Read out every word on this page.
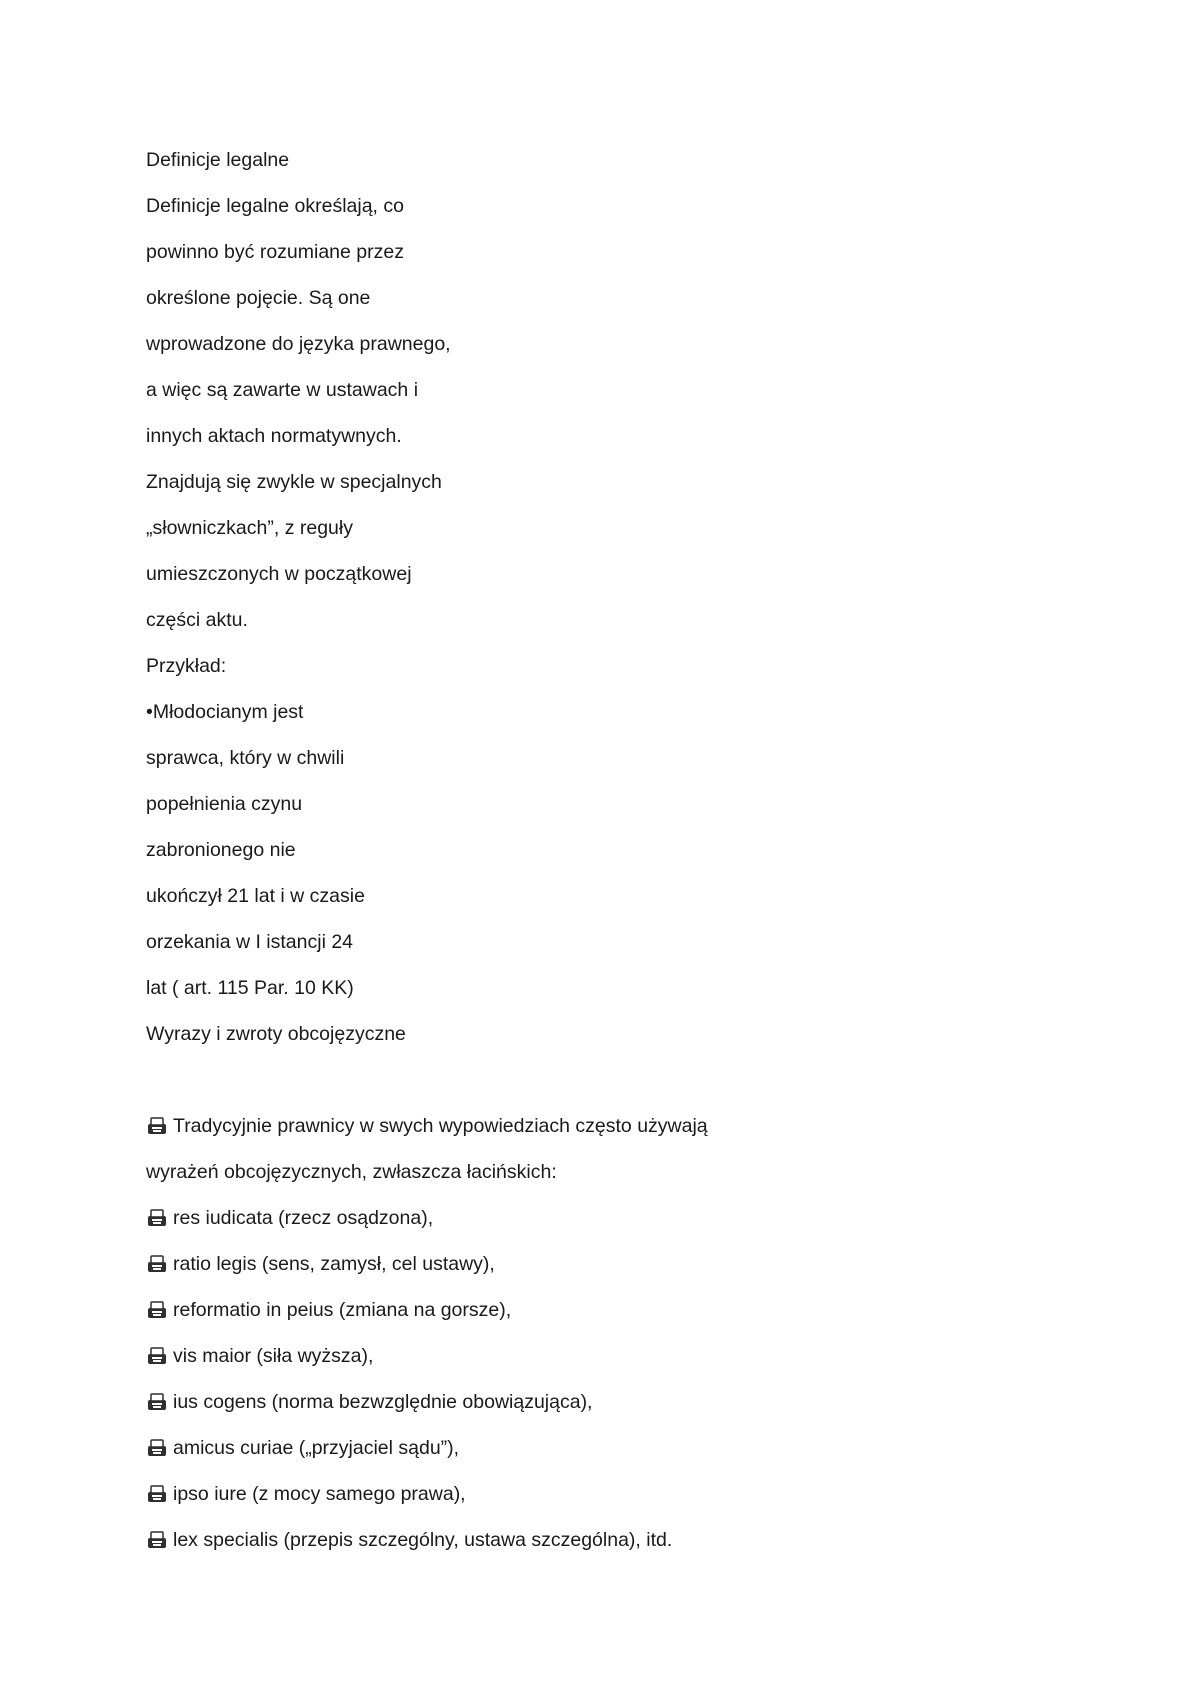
Definicje legalne
Definicje legalne określają, co
powinno być rozumiane przez
określone pojęcie. Są one
wprowadzone do języka prawnego,
a więc są zawarte w ustawach i
innych aktach normatywnych.
Znajdują się zwykle w specjalnych
„słowniczkach”, z reguły
umieszczonych w początkowej
części aktu.
Przykład:
•Młodocianym jest
sprawca, który w chwili
popełnienia czynu
zabronionego nie
ukończył 21 lat i w czasie
orzekania w I istancji 24
lat ( art. 115 Par. 10 KK)
Wyrazy i zwroty obcojęzyczne
Tradycyjnie prawnicy w swych wypowiedziach często używają
wyrażeń obcojęzycznych, zwłaszcza łacińskich:
res iudicata (rzecz osądzona),
ratio legis (sens, zamysł, cel ustawy),
reformatio in peius (zmiana na gorsze),
vis maior (siła wyższa),
ius cogens (norma bezwzględnie obowiązująca),
amicus curiae („przyjaciel sądu”),
ipso iure (z mocy samego prawa),
lex specialis (przepis szczególny, ustawa szczególna), itd.
